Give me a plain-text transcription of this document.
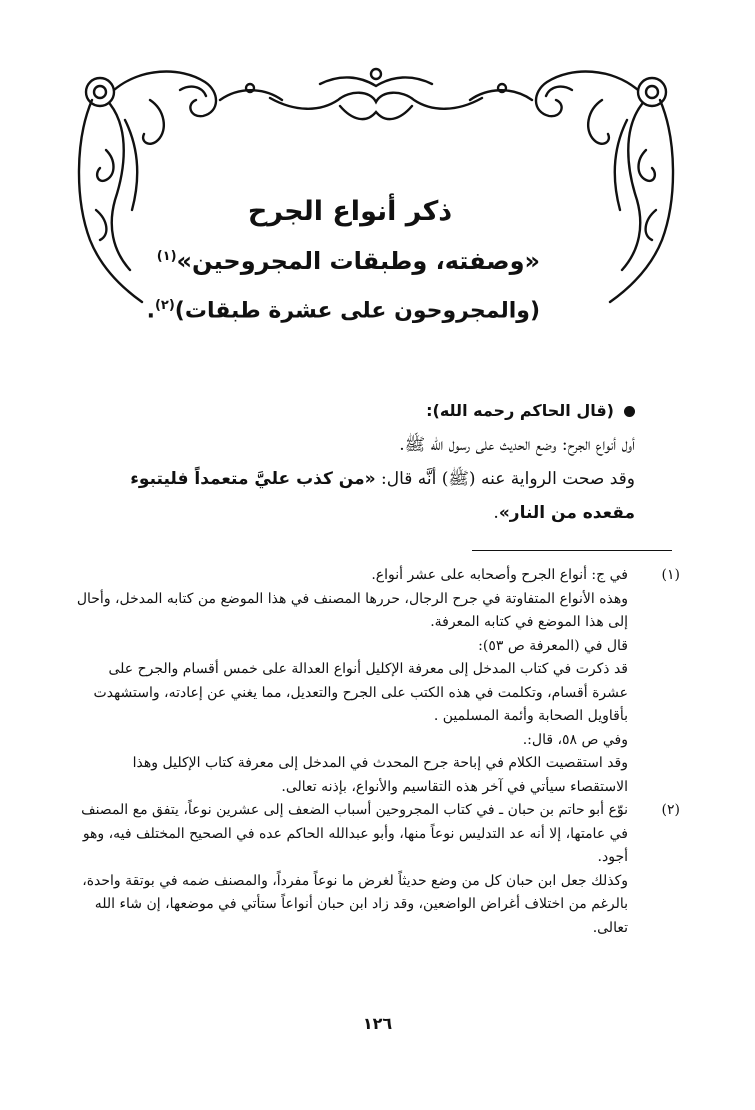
ذكر أنواع الجرح
«وصفته، وطبقات المجروحين»$^{(١)}$
(والمجروحون على عشرة طبقات)$^{(٢)}$.

(قال الحاكم رحمه الله):

أول أنواع الجرح: وضع الحديث على رسول الله ﷺ.

وقد صحت الرواية عنه (ﷺ) أنَّه قال: «من كذب عليَّ متعمداً فليتبوء مقعده من النار».

(١)

في ج: أنواع الجرح وأصحابه على عشر أنواع.

وهذه الأنواع المتفاوتة في جرح الرجال، حررها المصنف في هذا الموضع من كتابه المدخل، وأحال إلى هذا الموضع في كتابه المعرفة.

قال في (المعرفة ص ٥٣):

قد ذكرت في كتاب المدخل إلى معرفة الإكليل أنواع العدالة على خمس أقسام والجرح على عشرة أقسام، وتكلمت في هذه الكتب على الجرح والتعديل، مما يغني عن إعادته، واستشهدت بأقاويل الصحابة وأئمة المسلمين .

وفي ص ٥٨، قال:.

وقد استقصيت الكلام في إباحة جرح المحدث في المدخل إلى معرفة كتاب الإكليل وهذا الاستقصاء سيأتي في آخر هذه التقاسيم والأنواع، بإذنه تعالى.

(٢)

نوّع أبو حاتم بن حبان ـ في كتاب المجروحين أسباب الضعف إلى عشرين نوعاً، يتفق مع المصنف في عامتها، إلا أنه عد التدليس نوعاً منها، وأبو عبدالله الحاكم عده في الصحيح المختلف فيه، وهو أجود.

وكذلك جعل ابن حبان كل من وضع حديثاً لغرض ما نوعاً مفرداً، والمصنف ضمه في بوتقة واحدة، بالرغم من اختلاف أغراض الواضعين، وقد زاد ابن حبان أنواعاً ستأتي في موضعها، إن شاء الله تعالى.

١٢٦
